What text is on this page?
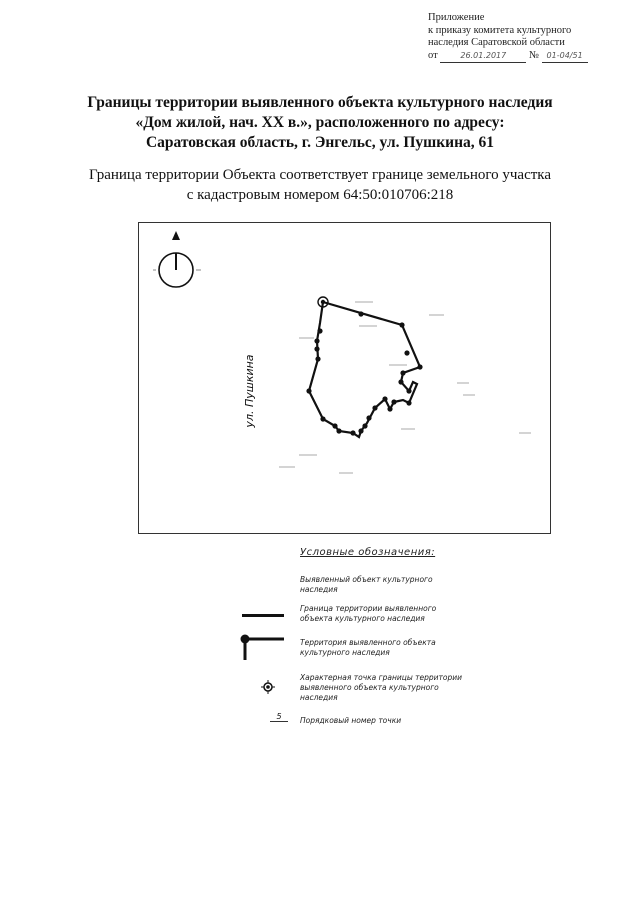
Приложение
к приказу комитета культурного
наследия Саратовской области
от	26.01.2017 № 01-04/51
Границы территории выявленного объекта культурного наследия
«Дом жилой, нач. XX в.», расположенного по адресу:
Саратовская область, г. Энгельс, ул. Пушкина, 61
Граница территории Объекта соответствует границе земельного участка
с кадастровым номером 64:50:010706:218
ул. Пушкина
Условные обозначения:
Выявленный объект культурного
наследия
Граница территории выявленного
объекта культурного наследия
Территория выявленного объекта
культурного наследия
Характерная точка границы территории
выявленного объекта культурного
наследия
5	Порядковый номер точки
